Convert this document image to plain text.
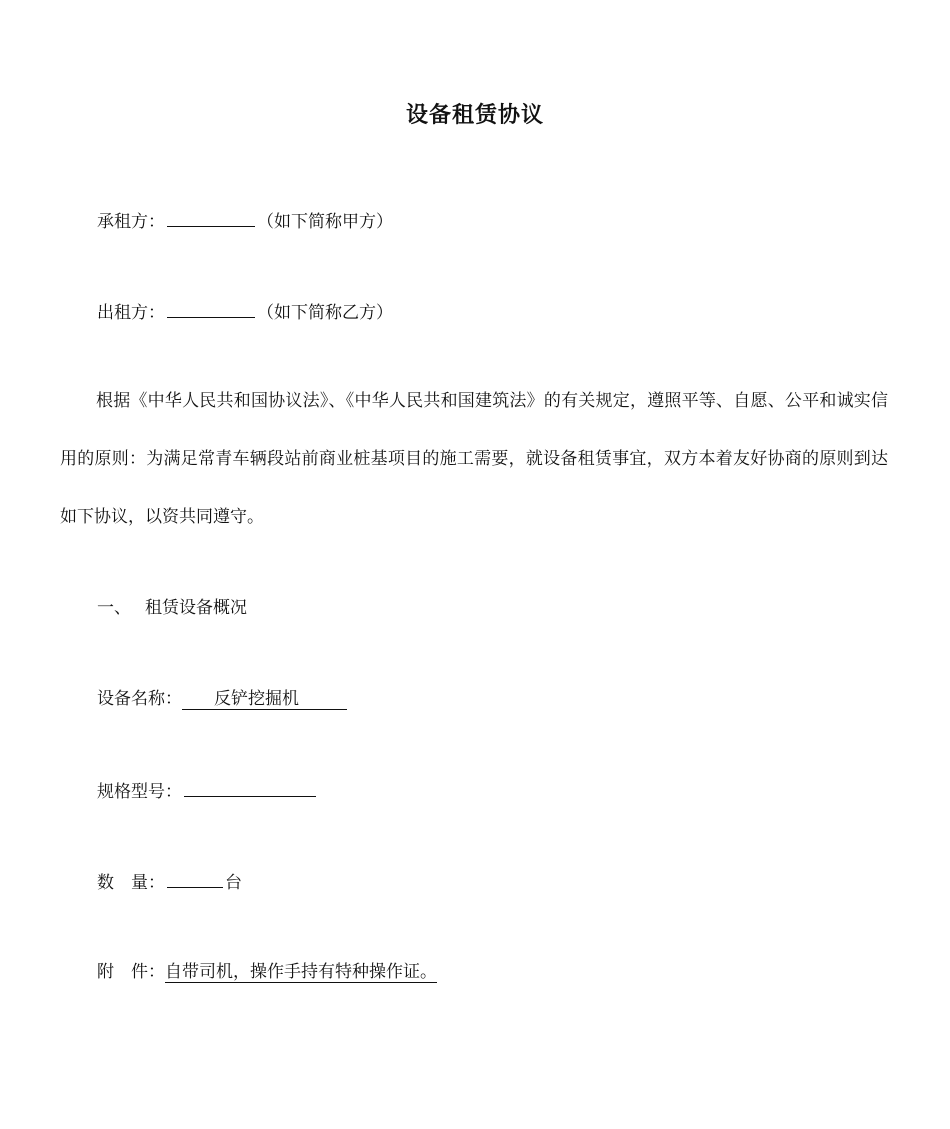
设备租赁协议
承租方：	（如下简称甲方）
出租方：	（如下简称乙方）
根据《中华人民共和国协议法》、《中华人民共和国建筑法》的有关规定，遵照平等、自愿、公平和诚实信用的原则：为满足常青车辆段站前商业桩基项目的施工需要，就设备租赁事宜，双方本着友好协商的原则到达如下协议，以资共同遵守。
一、 租赁设备概况
设备名称： 反铲挖掘机
规格型号：
数　量：	台
附　件：自带司机，操作手持有特种操作证。
